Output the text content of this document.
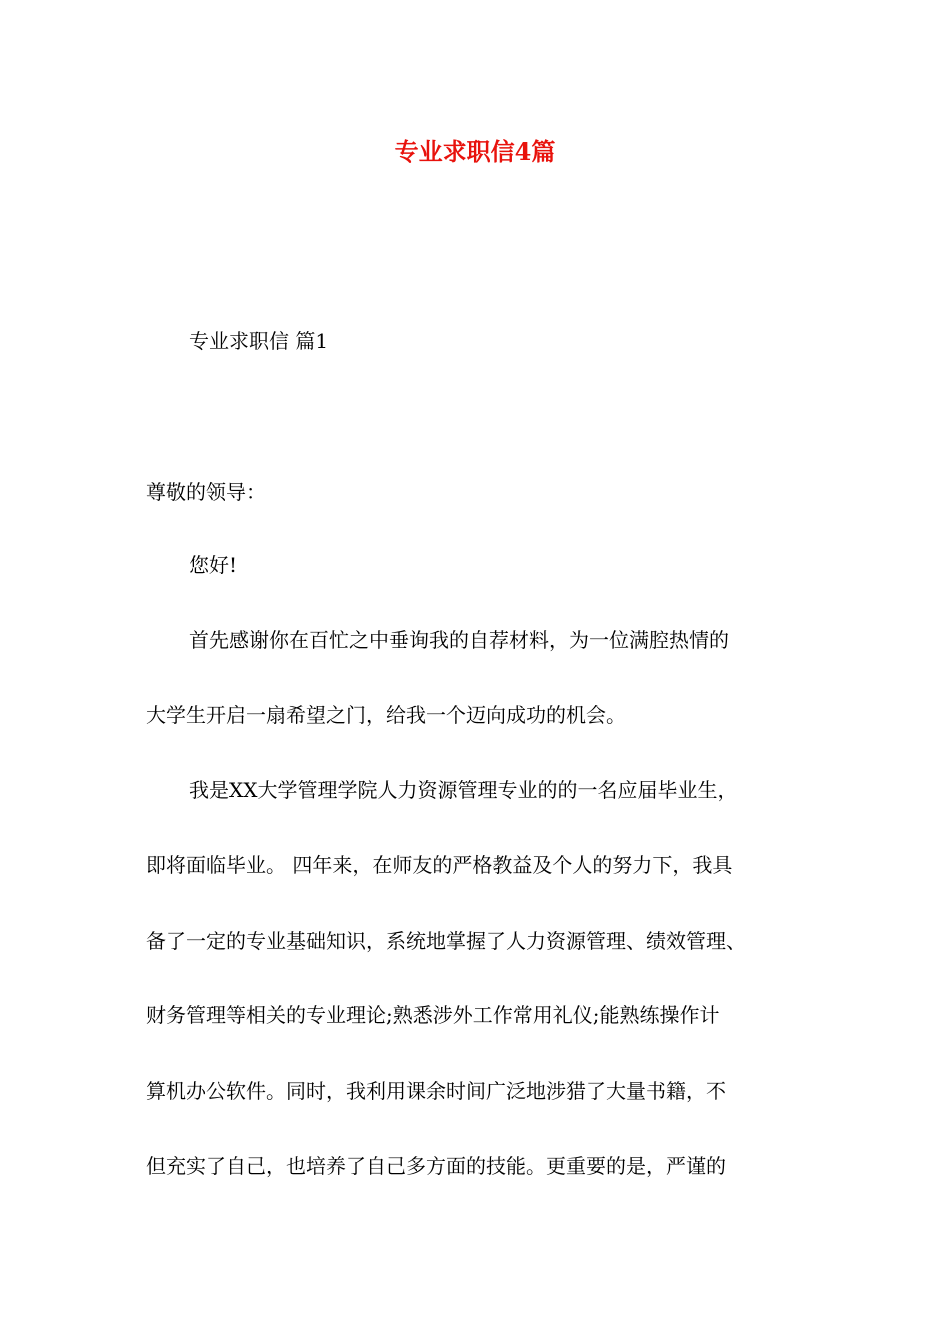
专业求职信4篇
专业求职信 篇1
尊敬的领导：
您好!
首先感谢你在百忙之中垂询我的自荐材料，为一位满腔热情的
大学生开启一扇希望之门，给我一个迈向成功的机会。
我是XX大学管理学院人力资源管理专业的的一名应届毕业生，
即将面临毕业。 四年来，在师友的严格教益及个人的努力下，我具
备了一定的专业基础知识，系统地掌握了人力资源管理、绩效管理、
财务管理等相关的专业理论;熟悉涉外工作常用礼仪;能熟练操作计
算机办公软件。同时，我利用课余时间广泛地涉猎了大量书籍，不
但充实了自己，也培养了自己多方面的技能。更重要的是，严谨的
